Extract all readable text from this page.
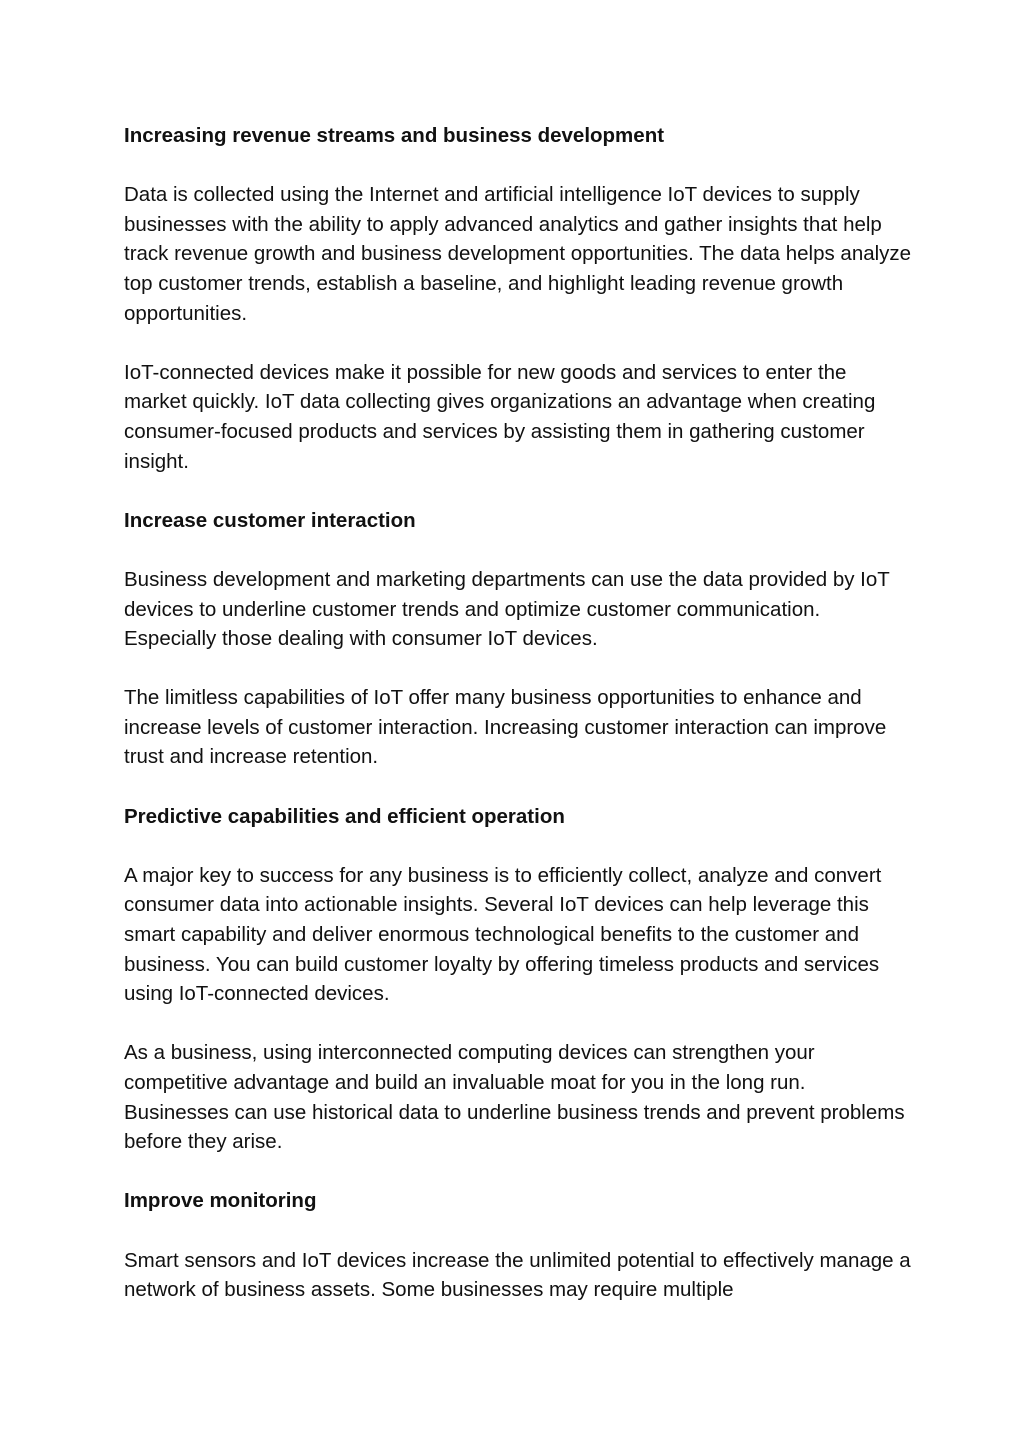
Increasing revenue streams and business development

Data is collected using the Internet and artificial intelligence IoT devices to supply businesses with the ability to apply advanced analytics and gather insights that help track revenue growth and business development opportunities. The data helps analyze top customer trends, establish a baseline, and highlight leading revenue growth opportunities.

IoT-connected devices make it possible for new goods and services to enter the market quickly. IoT data collecting gives organizations an advantage when creating consumer-focused products and services by assisting them in gathering customer insight.

Increase customer interaction

Business development and marketing departments can use the data provided by IoT devices to underline customer trends and optimize customer communication. Especially those dealing with consumer IoT devices.

The limitless capabilities of IoT offer many business opportunities to enhance and increase levels of customer interaction. Increasing customer interaction can improve trust and increase retention.

Predictive capabilities and efficient operation

A major key to success for any business is to efficiently collect, analyze and convert consumer data into actionable insights. Several IoT devices can help leverage this smart capability and deliver enormous technological benefits to the customer and business. You can build customer loyalty by offering timeless products and services using IoT-connected devices.

As a business, using interconnected computing devices can strengthen your competitive advantage and build an invaluable moat for you in the long run. Businesses can use historical data to underline business trends and prevent problems before they arise.

Improve monitoring

Smart sensors and IoT devices increase the unlimited potential to effectively manage a network of business assets. Some businesses may require multiple
